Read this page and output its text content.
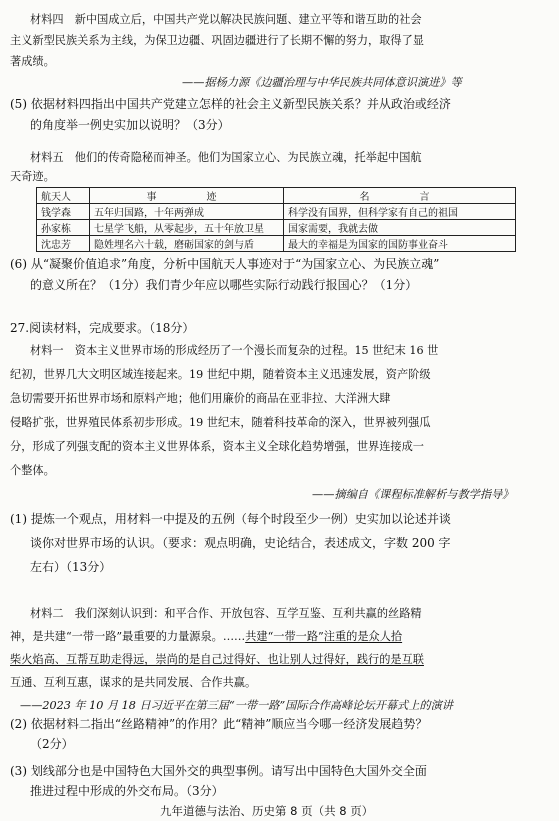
材料四　新中国成立后，中国共产党以解决民族问题、建立平等和谐互助的社会
主义新型民族关系为主线，为保卫边疆、巩固边疆进行了长期不懈的努力，取得了显
著成绩。
——据杨力源《边疆治理与中华民族共同体意识演进》等
(5) 依据材料四指出中国共产党建立怎样的社会主义新型民族关系？并从政治或经济
的角度举一例史实加以说明？（3分）
材料五　他们的传奇隐秘而神圣。他们为国家立心、为民族立魂，托举起中国航
天奇迹。
航天人	事　　迹	名　　言
钱学森	五年归国路，十年两弹成	科学没有国界，但科学家有自己的祖国
孙家栋	七星学飞船，从零起步，五十年放卫星	国家需要，我就去做
沈忠芳	隐姓埋名六十载，磨砺国家的剑与盾	最大的幸福是为国家的国防事业奋斗
(6) 从“凝聚价值追求”角度，分析中国航天人事迹对于“为国家立心、为民族立魂”
的意义所在？（1分）我们青少年应以哪些实际行动践行报国心？（1分）
27.阅读材料，完成要求。（18分）
材料一　资本主义世界市场的形成经历了一个漫长而复杂的过程。15 世纪末 16 世
纪初，世界几大文明区域连接起来。19 世纪中期，随着资本主义迅速发展，资产阶级
急切需要开拓世界市场和原料产地；他们用廉价的商品在亚非拉、大洋洲大肆
侵略扩张，世界殖民体系初步形成。19 世纪末，随着科技革命的深入，世界被列强瓜
分，形成了列强支配的资本主义世界体系，资本主义全球化趋势增强，世界连接成一
个整体。
——摘编自《课程标准解析与教学指导》
(1) 提炼一个观点，用材料一中提及的五例（每个时段至少一例）史实加以论述并谈
谈你对世界市场的认识。（要求：观点明确，史论结合，表述成文，字数 200 字
左右）（13分）
材料二　我们深刻认识到：和平合作、开放包容、互学互鉴、互利共赢的丝路精
神，是共建“一带一路”最重要的力量源泉。……共建“一带一路”注重的是众人拾
柴火焰高、互帮互助走得远，崇尚的是自己过得好、也让别人过得好，践行的是互联
互通、互利互惠，谋求的是共同发展、合作共赢。
——2023 年 10 月 18 日习近平在第三届“一带一路”国际合作高峰论坛开幕式上的演讲
(2) 依据材料二指出“丝路精神”的作用？此“精神”顺应当今哪一经济发展趋势？
（2分）
(3) 划线部分也是中国特色大国外交的典型事例。请写出中国特色大国外交全面
推进过程中形成的外交布局。（3分）
九年道德与法治、历史第 8 页（共 8 页）
